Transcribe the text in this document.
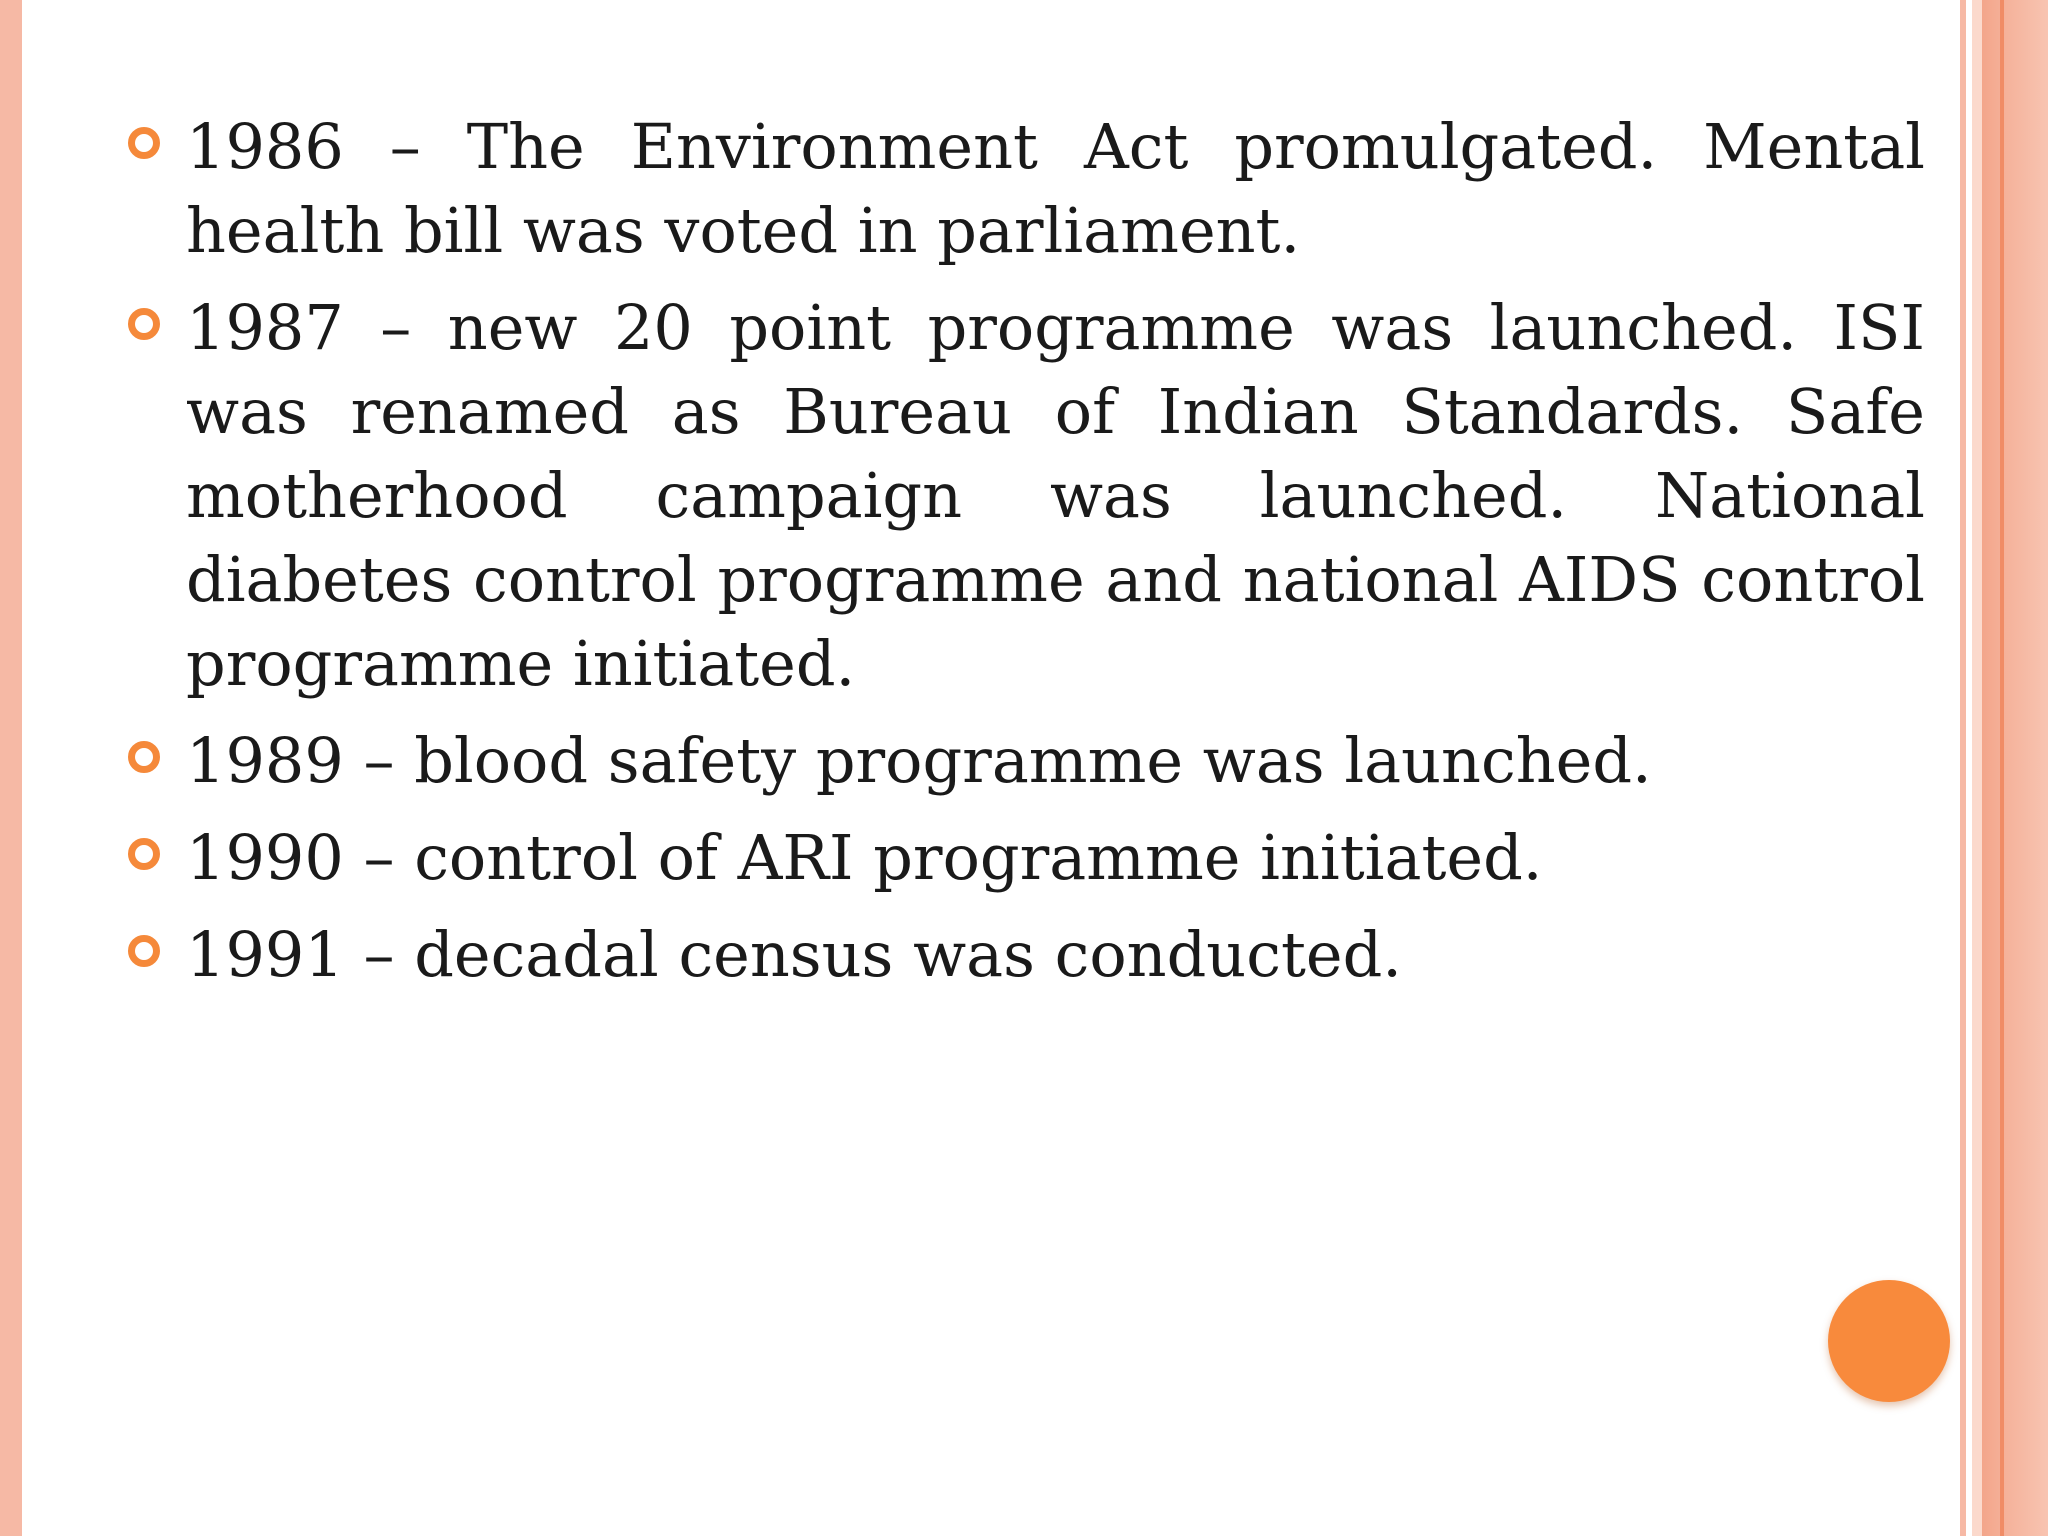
1986 – The Environment Act promulgated. Mental health bill was voted in parliament.
1987 – new 20 point programme was launched. ISI was renamed as Bureau of Indian Standards. Safe motherhood campaign was launched. National diabetes control programme and national AIDS control programme initiated.
1989 – blood safety programme was launched.
1990 – control of ARI programme initiated.
1991 – decadal census was conducted.
